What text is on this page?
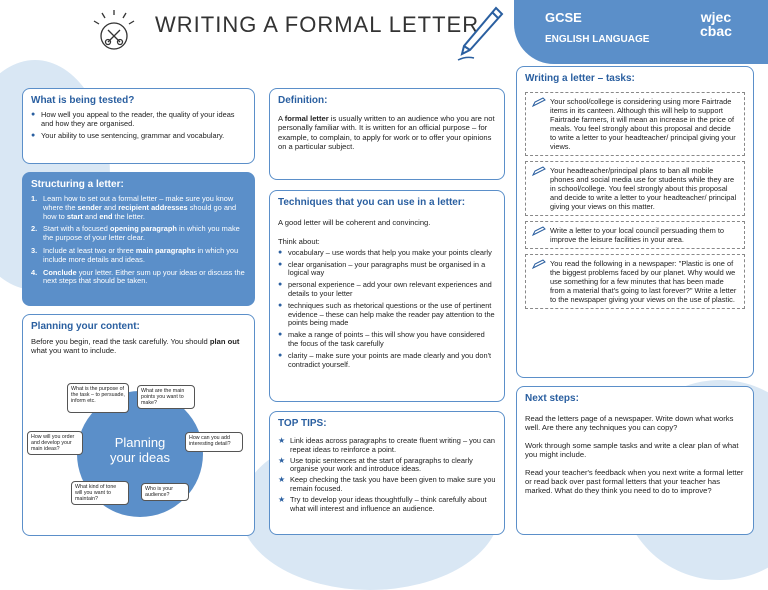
WRITING A FORMAL LETTER	GCSE
ENGLISH LANGUAGE
wjec
cbac
What is being tested?
● How well you appeal to the reader, the quality of your ideas and how they are organised.
● Your ability to use sentencing, grammar and vocabulary.
Structuring a letter:
1. Learn how to set out a formal letter – make sure you know where the sender and recipient addresses should go and how to start and end the letter.
2. Start with a focused opening paragraph in which you make the purpose of your letter clear.
3. Include at least two or three main paragraphs in which you include more details and ideas.
4. Conclude your letter. Either sum up your ideas or discuss the next steps that should be taken.
Planning your content:

Before you begin, read the task carefully. You should plan out what you want to include.

Planning
your ideas
What is the purpose of the task – to persuade, inform etc.
What are the main points you want to make?
How will you order and develop your main ideas?
How can you add interesting detail?
What kind of tone will you want to maintain?
Who is your audience?
Definition:

A formal letter is usually written to an audience who you are not personally familiar with. It is written for an official purpose – for example, to complain, to apply for work or to offer your opinions on a particular subject.

Techniques that you can use in a letter:

A good letter will be coherent and convincing.

Think about:

● vocabulary – use words that help you make your points clearly
● clear organisation – your paragraphs must be organised in a logical way
● personal experience – add your own relevant experiences and details to your letter
● techniques such as rhetorical questions or the use of pertinent evidence – these can help make the reader pay attention to the points being made
● make a range of points – this will show you have considered the focus of the task carefully
● clarity – make sure your points are made clearly and you don't contradict yourself.
TOP TIPS:
★ Link ideas across paragraphs to create fluent writing – you can repeat ideas to reinforce a point.
★ Use topic sentences at the start of paragraphs to clearly organise your work and introduce ideas.
★ Keep checking the task you have been given to make sure you remain focused.
★ Try to develop your ideas thoughtfully – think carefully about what will interest and influence an audience.
Writing a letter – tasks:
Your school/college is considering using more Fairtrade items in its canteen. Although this will help to support Fairtrade farmers, it will mean an increase in the price of meals. You feel strongly about this proposal and decide to write a letter to your headteacher/ principal giving your views.
Your headteacher/principal plans to ban all mobile phones and social media use for students while they are in school/college. You feel strongly about this proposal and decide to write a letter to your headteacher/ principal giving your views on this matter.
Write a letter to your local council persuading them to improve the leisure facilities in your area.
You read the following in a newspaper: "Plastic is one of the biggest problems faced by our planet. Why would we use something for a few minutes that has been made from a material that's going to last forever?" Write a letter to the newspaper giving your views on the use of plastic.
Next steps:

Read the letters page of a newspaper. Write down what works well. Are there any techniques you can copy?

Work through some sample tasks and write a clear plan of what you might include.

Read your teacher's feedback when you next write a formal letter or read back over past formal letters that your teacher has marked. What do they think you need to do to improve?
